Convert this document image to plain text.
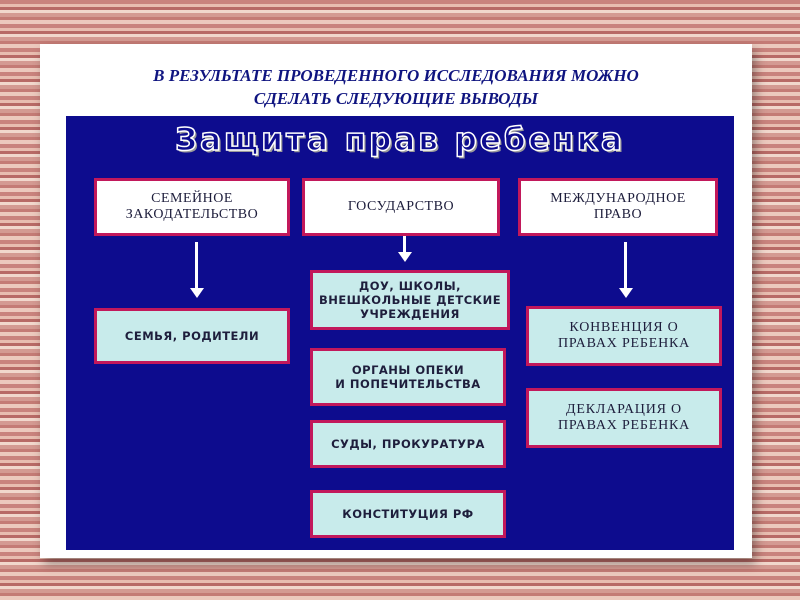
В РЕЗУЛЬТАТЕ ПРОВЕДЕННОГО ИССЛЕДОВАНИЯ МОЖНО
СДЕЛАТЬ СЛЕДУЮЩИЕ ВЫВОДЫ
Защита прав ребенка
СЕМЕЙНОЕ
ЗАКОДАТЕЛЬСТВО
ГОСУДАРСТВО
МЕЖДУНАРОДНОЕ
ПРАВО
СЕМЬЯ, РОДИТЕЛИ
ДОУ, ШКОЛЫ,
ВНЕШКОЛЬНЫЕ ДЕТСКИЕ
УЧРЕЖДЕНИЯ
ОРГАНЫ ОПЕКИ
И ПОПЕЧИТЕЛЬСТВА
СУДЫ, ПРОКУРАТУРА
КОНСТИТУЦИЯ РФ
КОНВЕНЦИЯ О
ПРАВАХ РЕБЕНКА
ДЕКЛАРАЦИЯ О
ПРАВАХ РЕБЕНКА
